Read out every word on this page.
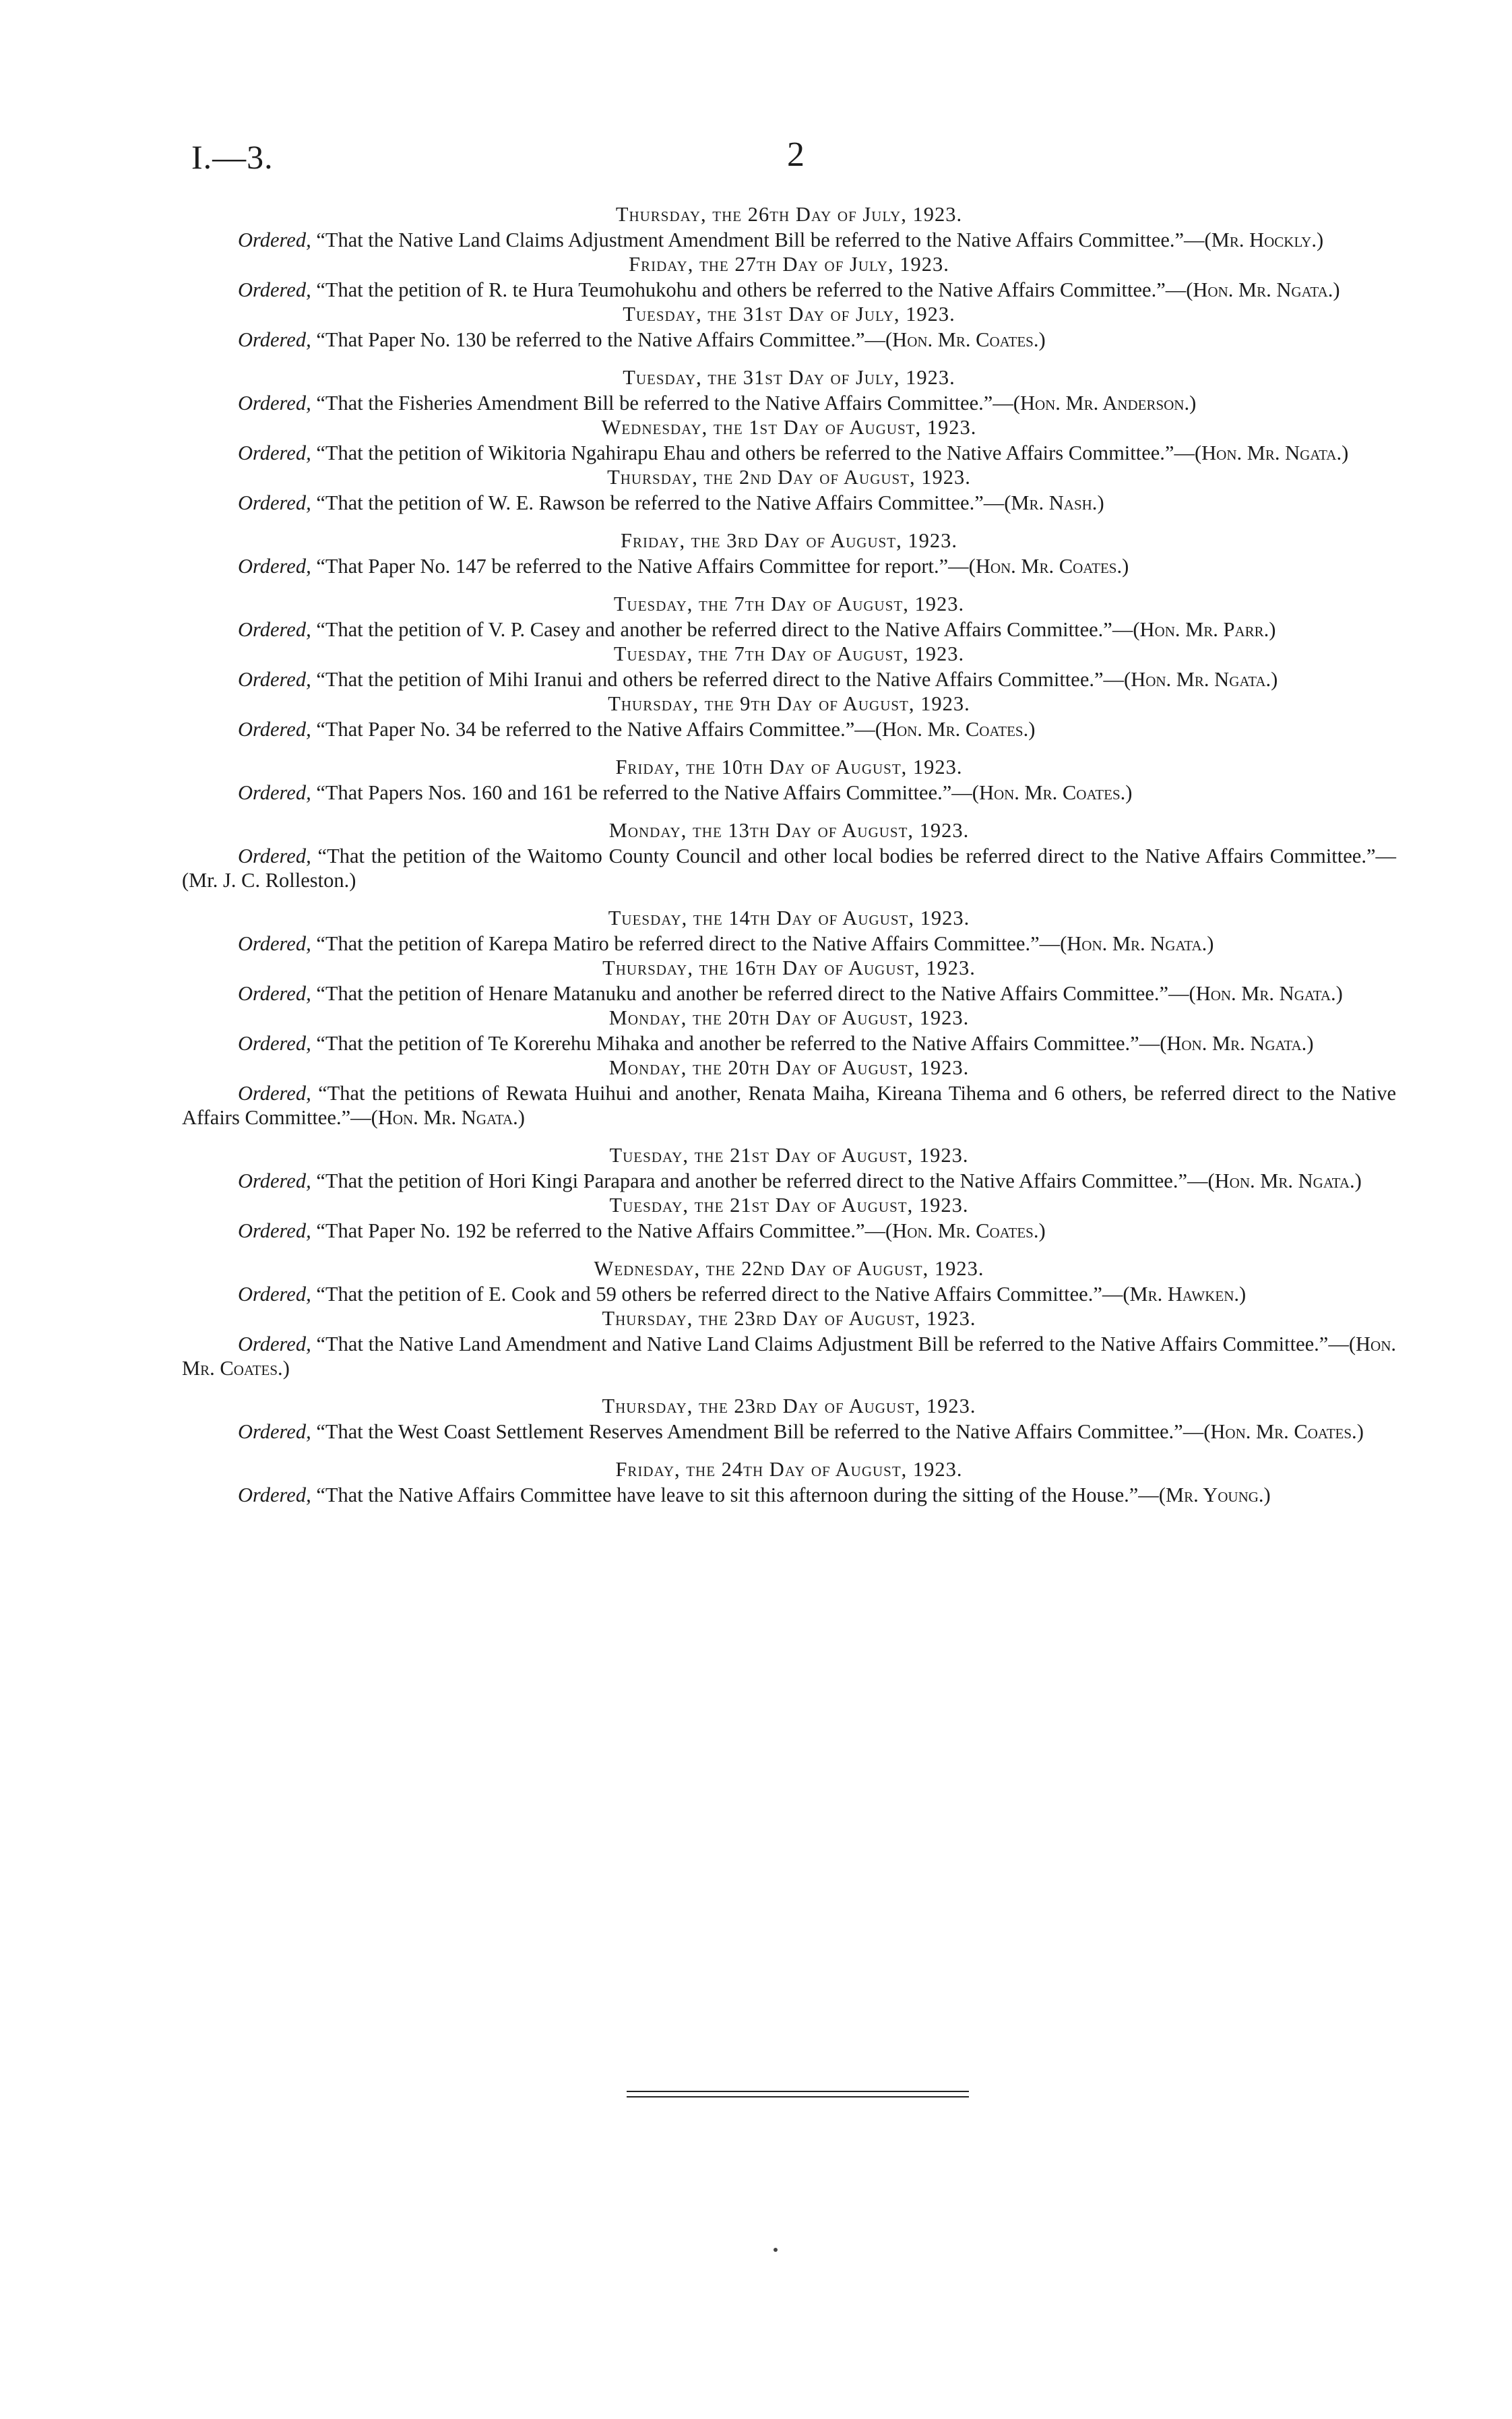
I.—3.	2

Thursday, the 26th Day of July, 1923.

Ordered, “That the Native Land Claims Adjustment Amendment Bill be referred to the Native Affairs Committee.”—(Mr. Hockly.)

Friday, the 27th Day of July, 1923.

Ordered, “That the petition of R. te Hura Teumohukohu and others be referred to the Native Affairs Committee.”—(Hon. Mr. Ngata.)

Tuesday, the 31st Day of July, 1923.

Ordered, “That Paper No. 130 be referred to the Native Affairs Committee.”—(Hon. Mr. Coates.)

Tuesday, the 31st Day of July, 1923.

Ordered, “That the Fisheries Amendment Bill be referred to the Native Affairs Committee.”—(Hon. Mr. Anderson.)

Wednesday, the 1st Day of August, 1923.

Ordered, “That the petition of Wikitoria Ngahirapu Ehau and others be referred to the Native Affairs Committee.”—(Hon. Mr. Ngata.)

Thursday, the 2nd Day of August, 1923.

Ordered, “That the petition of W. E. Rawson be referred to the Native Affairs Committee.”—(Mr. Nash.)

Friday, the 3rd Day of August, 1923.

Ordered, “That Paper No. 147 be referred to the Native Affairs Committee for report.”—(Hon. Mr. Coates.)

Tuesday, the 7th Day of August, 1923.

Ordered, “That the petition of V. P. Casey and another be referred direct to the Native Affairs Committee.”—(Hon. Mr. Parr.)

Tuesday, the 7th Day of August, 1923.

Ordered, “That the petition of Mihi Iranui and others be referred direct to the Native Affairs Committee.”—(Hon. Mr. Ngata.)

Thursday, the 9th Day of August, 1923.

Ordered, “That Paper No. 34 be referred to the Native Affairs Committee.”—(Hon. Mr. Coates.)

Friday, the 10th Day of August, 1923.

Ordered, “That Papers Nos. 160 and 161 be referred to the Native Affairs Committee.”—(Hon. Mr. Coates.)

Monday, the 13th Day of August, 1923.

Ordered, “That the petition of the Waitomo County Council and other local bodies be referred direct to the Native Affairs Committee.”—(Mr. J. C. Rolleston.)

Tuesday, the 14th Day of August, 1923.

Ordered, “That the petition of Karepa Matiro be referred direct to the Native Affairs Committee.”—(Hon. Mr. Ngata.)

Thursday, the 16th Day of August, 1923.

Ordered, “That the petition of Henare Matanuku and another be referred direct to the Native Affairs Committee.”—(Hon. Mr. Ngata.)

Monday, the 20th Day of August, 1923.

Ordered, “That the petition of Te Korerehu Mihaka and another be referred to the Native Affairs Committee.”—(Hon. Mr. Ngata.)

Monday, the 20th Day of August, 1923.

Ordered, “That the petitions of Rewata Huihui and another, Renata Maiha, Kireana Tihema and 6 others, be referred direct to the Native Affairs Committee.”—(Hon. Mr. Ngata.)

Tuesday, the 21st Day of August, 1923.

Ordered, “That the petition of Hori Kingi Parapara and another be referred direct to the Native Affairs Committee.”—(Hon. Mr. Ngata.)

Tuesday, the 21st Day of August, 1923.

Ordered, “That Paper No. 192 be referred to the Native Affairs Committee.”—(Hon. Mr. Coates.)

Wednesday, the 22nd Day of August, 1923.

Ordered, “That the petition of E. Cook and 59 others be referred direct to the Native Affairs Committee.”—(Mr. Hawken.)

Thursday, the 23rd Day of August, 1923.

Ordered, “That the Native Land Amendment and Native Land Claims Adjustment Bill be referred to the Native Affairs Committee.”—(Hon. Mr. Coates.)

Thursday, the 23rd Day of August, 1923.

Ordered, “That the West Coast Settlement Reserves Amendment Bill be referred to the Native Affairs Committee.”—(Hon. Mr. Coates.)

Friday, the 24th Day of August, 1923.

Ordered, “That the Native Affairs Committee have leave to sit this afternoon during the sitting of the House.”—(Mr. Young.)
